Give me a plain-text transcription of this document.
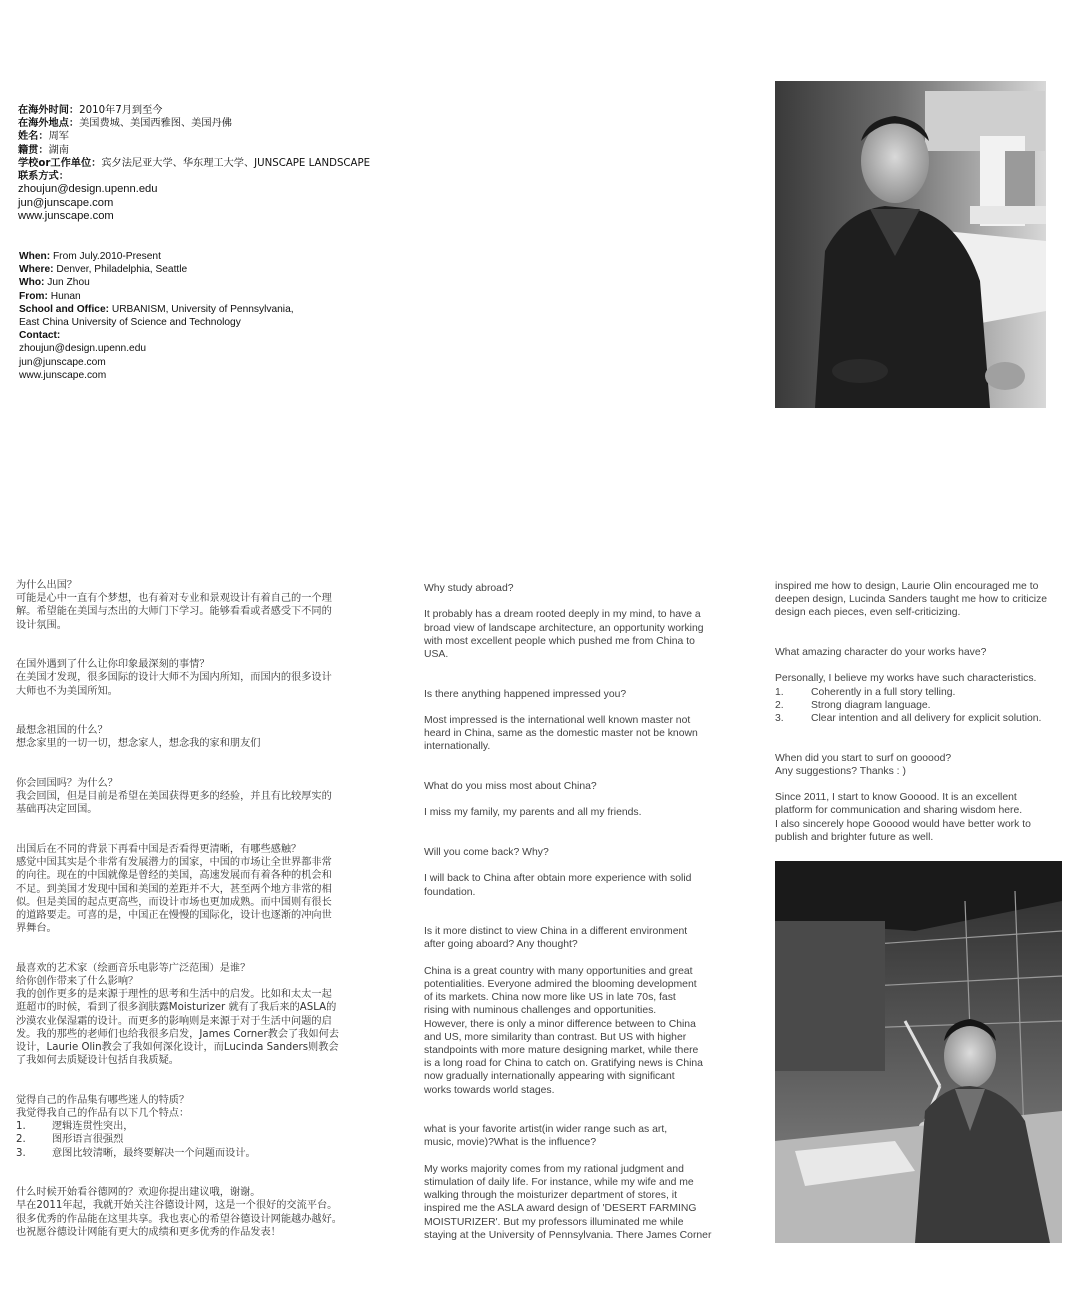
在海外时间：2010年7月到至今
在海外地点：美国费城、美国西雅图、美国丹佛
姓名：周军
籍贯：湖南
学校or工作单位：宾夕法尼亚大学、华东理工大学、JUNSCAPE LANDSCAPE
联系方式：
zhoujun@design.upenn.edu
jun@junscape.com
www.junscape.com
When: From July.2010-Present
Where: Denver, Philadelphia, Seattle
Who: Jun Zhou
From: Hunan
School and Office: URBANISM, University of Pennsylvania,
East China University of Science and Technology
Contact:
zhoujun@design.upenn.edu
jun@junscape.com
www.junscape.com

为什么出国？

可能是心中一直有个梦想，也有着对专业和景观设计有着自己的一个理

解。希望能在美国与杰出的大师门下学习。能够看看或者感受下不同的

设计氛围。

在国外遇到了什么让你印象最深刻的事情？

在美国才发现，很多国际的设计大师不为国内所知，而国内的很多设计

大师也不为美国所知。

最想念祖国的什么？

想念家里的一切一切，想念家人，想念我的家和朋友们

你会回国吗？为什么？

我会回国，但是目前是希望在美国获得更多的经验，并且有比较厚实的

基础再决定回国。

出国后在不同的背景下再看中国是否看得更清晰，有哪些感触？

感觉中国其实是个非常有发展潜力的国家，中国的市场让全世界都非常

的向往。现在的中国就像是曾经的美国，高速发展而有着各种的机会和

不足。到美国才发现中国和美国的差距并不大，甚至两个地方非常的相

似。但是美国的起点更高些，而设计市场也更加成熟。而中国则有很长

的道路要走。可喜的是，中国正在慢慢的国际化，设计也逐渐的冲向世

界舞台。

最喜欢的艺术家（绘画音乐电影等广泛范围）是谁？

给你创作带来了什么影响？

我的创作更多的是来源于理性的思考和生活中的启发。比如和太太一起

逛超市的时候，看到了很多润肤露Moisturizer 就有了我后来的ASLA的

沙漠农业保湿霜的设计。而更多的影响则是来源于对于生活中问题的启

发。我的那些的老师们也给我很多启发，James Corner教会了我如何去

设计，Laurie Olin教会了我如何深化设计，而Lucinda Sanders则教会

了我如何去质疑设计包括自我质疑。

觉得自己的作品集有哪些迷人的特质？

我觉得我自己的作品有以下几个特点：

1.	逻辑连贯性突出，

2.	图形语言很强烈

3.	意图比较清晰，最终要解决一个问题而设计。

什么时候开始看谷德网的？欢迎你提出建议哦，谢谢。

早在2011年起，我就开始关注谷德设计网，这是一个很好的交流平台。

很多优秀的作品能在这里共享。我也衷心的希望谷德设计网能越办越好。

也祝愿谷德设计网能有更大的成绩和更多优秀的作品发表！

Why study abroad?

It probably has a dream rooted deeply in my mind, to have a

broad view of landscape architecture, an opportunity working

with most excellent people which pushed me from China to

USA.

Is there anything happened impressed you?

Most impressed is the international well known master not

heard in China, same as the domestic master not be known

internationally.

What do you miss most about China?

I miss my family, my parents and all my friends.

Will you come back? Why?

I will back to China after obtain more experience with solid

foundation.

Is it more distinct to view China in a different environment

after going aboard? Any thought?

China is a great country with many opportunities and great

potentialities. Everyone admired the blooming development

of its markets. China now more like US in late 70s, fast

rising with numinous challenges and opportunities.

However, there is only a minor difference between to China

and US, more similarity than contrast. But US with higher

standpoints with more mature designing market, while there

is a long road for China to catch on. Gratifying news is China

now gradually internationally appearing with significant

works towards world stages.

what is your favorite artist(in wider range such as art,

music, movie)?What is the influence?

My works majority comes from my rational judgment and

stimulation of daily life. For instance, while my wife and me

walking through the moisturizer department of stores, it

inspired me the ASLA award design of 'DESERT FARMING

MOISTURIZER'. But my professors illuminated me while

staying at the University of Pennsylvania. There James Corner

inspired me how to design, Laurie Olin encouraged me to

deepen design, Lucinda Sanders taught me how to criticize

design each pieces, even self-criticizing.

What amazing character do your works have?

Personally, I believe my works have such characteristics.

1.	Coherently in a full story telling.

2.	Strong diagram language.

3.	Clear intention and all delivery for explicit solution.

When did you start to surf on gooood?

Any suggestions? Thanks : )

Since 2011, I start to know Gooood. It is an excellent

platform for communication and sharing wisdom here.

I also sincerely hope Gooood would have better work to

publish and brighter future as well.
